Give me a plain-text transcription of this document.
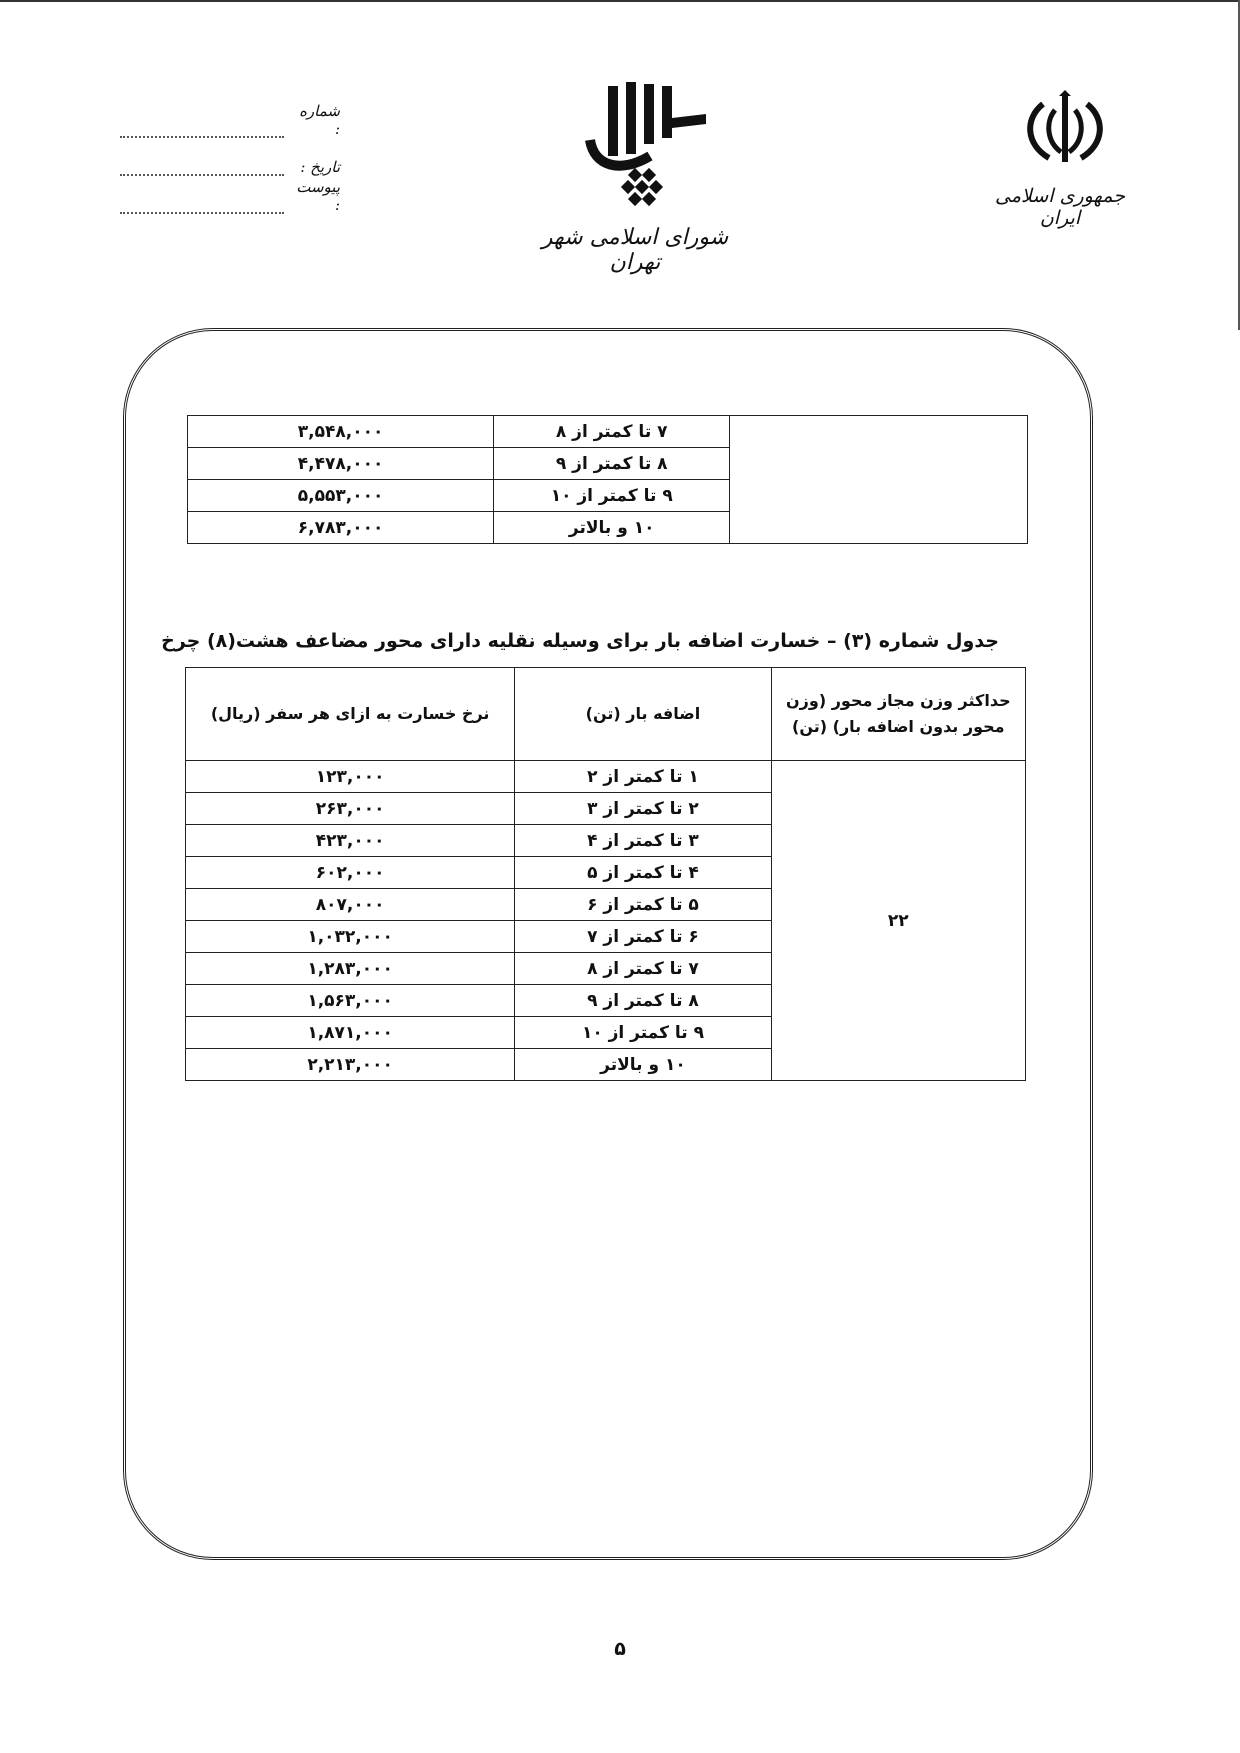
جمهوری اسلامی ایران
شورای اسلامی شهر تهران
شماره :
تاریخ :
پیوست :
	۷ تا کمتر از ۸	۳,۵۴۸,۰۰۰
	۸ تا کمتر از ۹	۴,۴۷۸,۰۰۰
	۹ تا کمتر از ۱۰	۵,۵۵۳,۰۰۰
	۱۰ و بالاتر	۶,۷۸۳,۰۰۰
جدول شماره (۳) – خسارت اضافه بار برای وسیله نقلیه دارای محور مضاعف هشت(۸) چرخ
حداکثر وزن مجاز محور (وزن محور بدون اضافه بار) (تن)	اضافه بار (تن)	نرخ خسارت به ازای هر سفر (ریال)
۲۲	۱ تا کمتر از ۲	۱۲۳,۰۰۰
	۲ تا کمتر از ۳	۲۶۳,۰۰۰
	۳ تا کمتر از ۴	۴۲۳,۰۰۰
	۴ تا کمتر از ۵	۶۰۲,۰۰۰
	۵ تا کمتر از ۶	۸۰۷,۰۰۰
	۶ تا کمتر از ۷	۱,۰۳۲,۰۰۰
	۷ تا کمتر از ۸	۱,۲۸۳,۰۰۰
	۸ تا کمتر از ۹	۱,۵۶۳,۰۰۰
	۹ تا کمتر از ۱۰	۱,۸۷۱,۰۰۰
	۱۰ و بالاتر	۲,۲۱۳,۰۰۰
۵
